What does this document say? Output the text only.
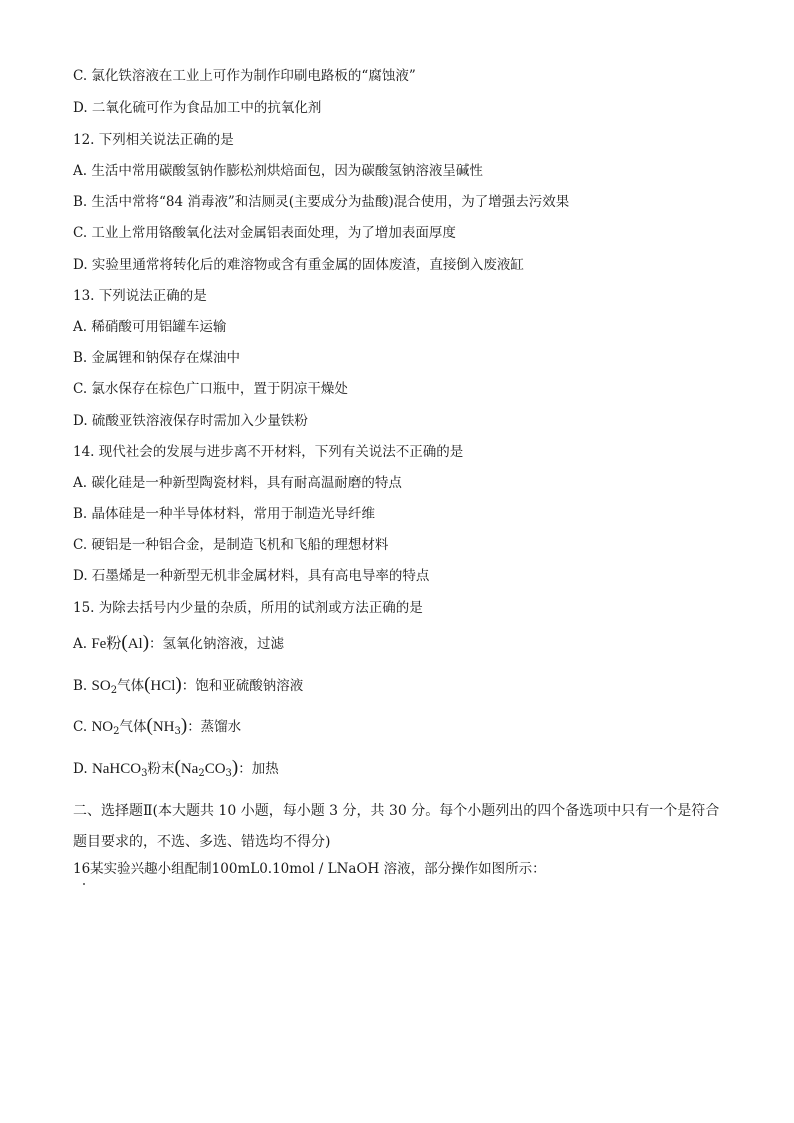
C. 氯化铁溶液在工业上可作为制作印刷电路板的“腐蚀液”
D. 二氧化硫可作为食品加工中的抗氧化剂
12. 下列相关说法正确的是
A. 生活中常用碳酸氢钠作膨松剂烘焙面包，因为碳酸氢钠溶液呈碱性
B. 生活中常将“84 消毒液”和洁厕灵(主要成分为盐酸)混合使用，为了增强去污效果
C. 工业上常用铬酸氧化法对金属铝表面处理，为了增加表面厚度
D. 实验里通常将转化后的难溶物或含有重金属的固体废渣，直接倒入废液缸
13. 下列说法正确的是
A. 稀硝酸可用铝罐车运输
B. 金属锂和钠保存在煤油中
C. 氯水保存在棕色广口瓶中，置于阴凉干燥处
D. 硫酸亚铁溶液保存时需加入少量铁粉
14. 现代社会的发展与进步离不开材料，下列有关说法不正确的是
A. 碳化硅是一种新型陶瓷材料，具有耐高温耐磨的特点
B. 晶体硅是一种半导体材料，常用于制造光导纤维
C. 硬铝是一种铝合金，是制造飞机和飞船的理想材料
D. 石墨烯是一种新型无机非金属材料，具有高电导率的特点
15. 为除去括号内少量的杂质，所用的试剂或方法正确的是
A. Fe粉(Al)：氢氧化钠溶液，过滤
B. $SO_2$气体(HCl)：饱和亚硫酸钠溶液
C. $NO_2$气体$(NH_3)$：蒸馏水
D. NaHCO$_3$粉末$(Na_2CO_3)$：加热
二、选择题Ⅱ(本大题共 10 小题，每小题 3 分，共 30 分。每个小题列出的四个备选项中只有一个是符合题目要求的，不选、多选、错选均不得分)
16某实验兴趣小组配制100mL0.10mol / LNaOH 溶液，部分操作如图所示：
